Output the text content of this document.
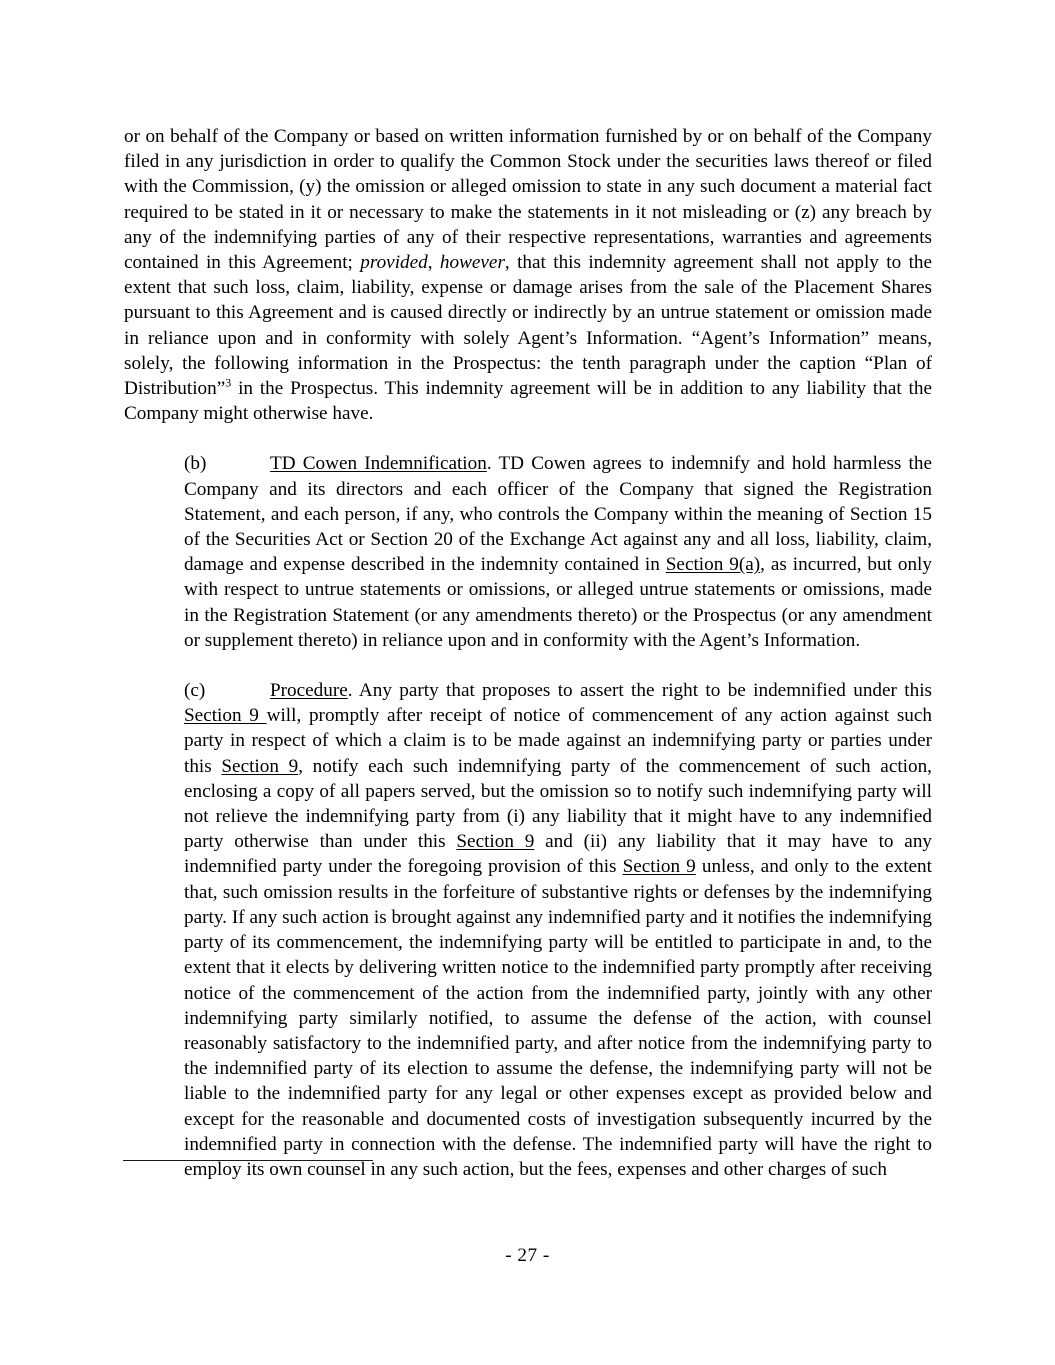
or on behalf of the Company or based on written information furnished by or on behalf of the Company filed in any jurisdiction in order to qualify the Common Stock under the securities laws thereof or filed with the Commission, (y) the omission or alleged omission to state in any such document a material fact required to be stated in it or necessary to make the statements in it not misleading or (z) any breach by any of the indemnifying parties of any of their respective representations, warranties and agreements contained in this Agreement; provided, however, that this indemnity agreement shall not apply to the extent that such loss, claim, liability, expense or damage arises from the sale of the Placement Shares pursuant to this Agreement and is caused directly or indirectly by an untrue statement or omission made in reliance upon and in conformity with solely Agent’s Information. “Agent’s Information” means, solely, the following information in the Prospectus: the tenth paragraph under the caption “Plan of Distribution”$^3$ in the Prospectus. This indemnity agreement will be in addition to any liability that the Company might otherwise have.

(b)	TD Cowen Indemnification. TD Cowen agrees to indemnify and hold harmless the Company and its directors and each officer of the Company that signed the Registration Statement, and each person, if any, who controls the Company within the meaning of Section 15 of the Securities Act or Section 20 of the Exchange Act against any and all loss, liability, claim, damage and expense described in the indemnity contained in Section 9(a), as incurred, but only with respect to untrue statements or omissions, or alleged untrue statements or omissions, made in the Registration Statement (or any amendments thereto) or the Prospectus (or any amendment or supplement thereto) in reliance upon and in conformity with the Agent’s Information.

(c)	Procedure. Any party that proposes to assert the right to be indemnified under this Section 9 will, promptly after receipt of notice of commencement of any action against such party in respect of which a claim is to be made against an indemnifying party or parties under this Section 9, notify each such indemnifying party of the commencement of such action, enclosing a copy of all papers served, but the omission so to notify such indemnifying party will not relieve the indemnifying party from (i) any liability that it might have to any indemnified party otherwise than under this Section 9 and (ii) any liability that it may have to any indemnified party under the foregoing provision of this Section 9 unless, and only to the extent that, such omission results in the forfeiture of substantive rights or defenses by the indemnifying party. If any such action is brought against any indemnified party and it notifies the indemnifying party of its commencement, the indemnifying party will be entitled to participate in and, to the extent that it elects by delivering written notice to the indemnified party promptly after receiving notice of the commencement of the action from the indemnified party, jointly with any other indemnifying party similarly notified, to assume the defense of the action, with counsel reasonably satisfactory to the indemnified party, and after notice from the indemnifying party to the indemnified party of its election to assume the defense, the indemnifying party will not be liable to the indemnified party for any legal or other expenses except as provided below and except for the reasonable and documented costs of investigation subsequently incurred by the indemnified party in connection with the defense. The indemnified party will have the right to employ its own counsel in any such action, but the fees, expenses and other charges of such

- 27 -
